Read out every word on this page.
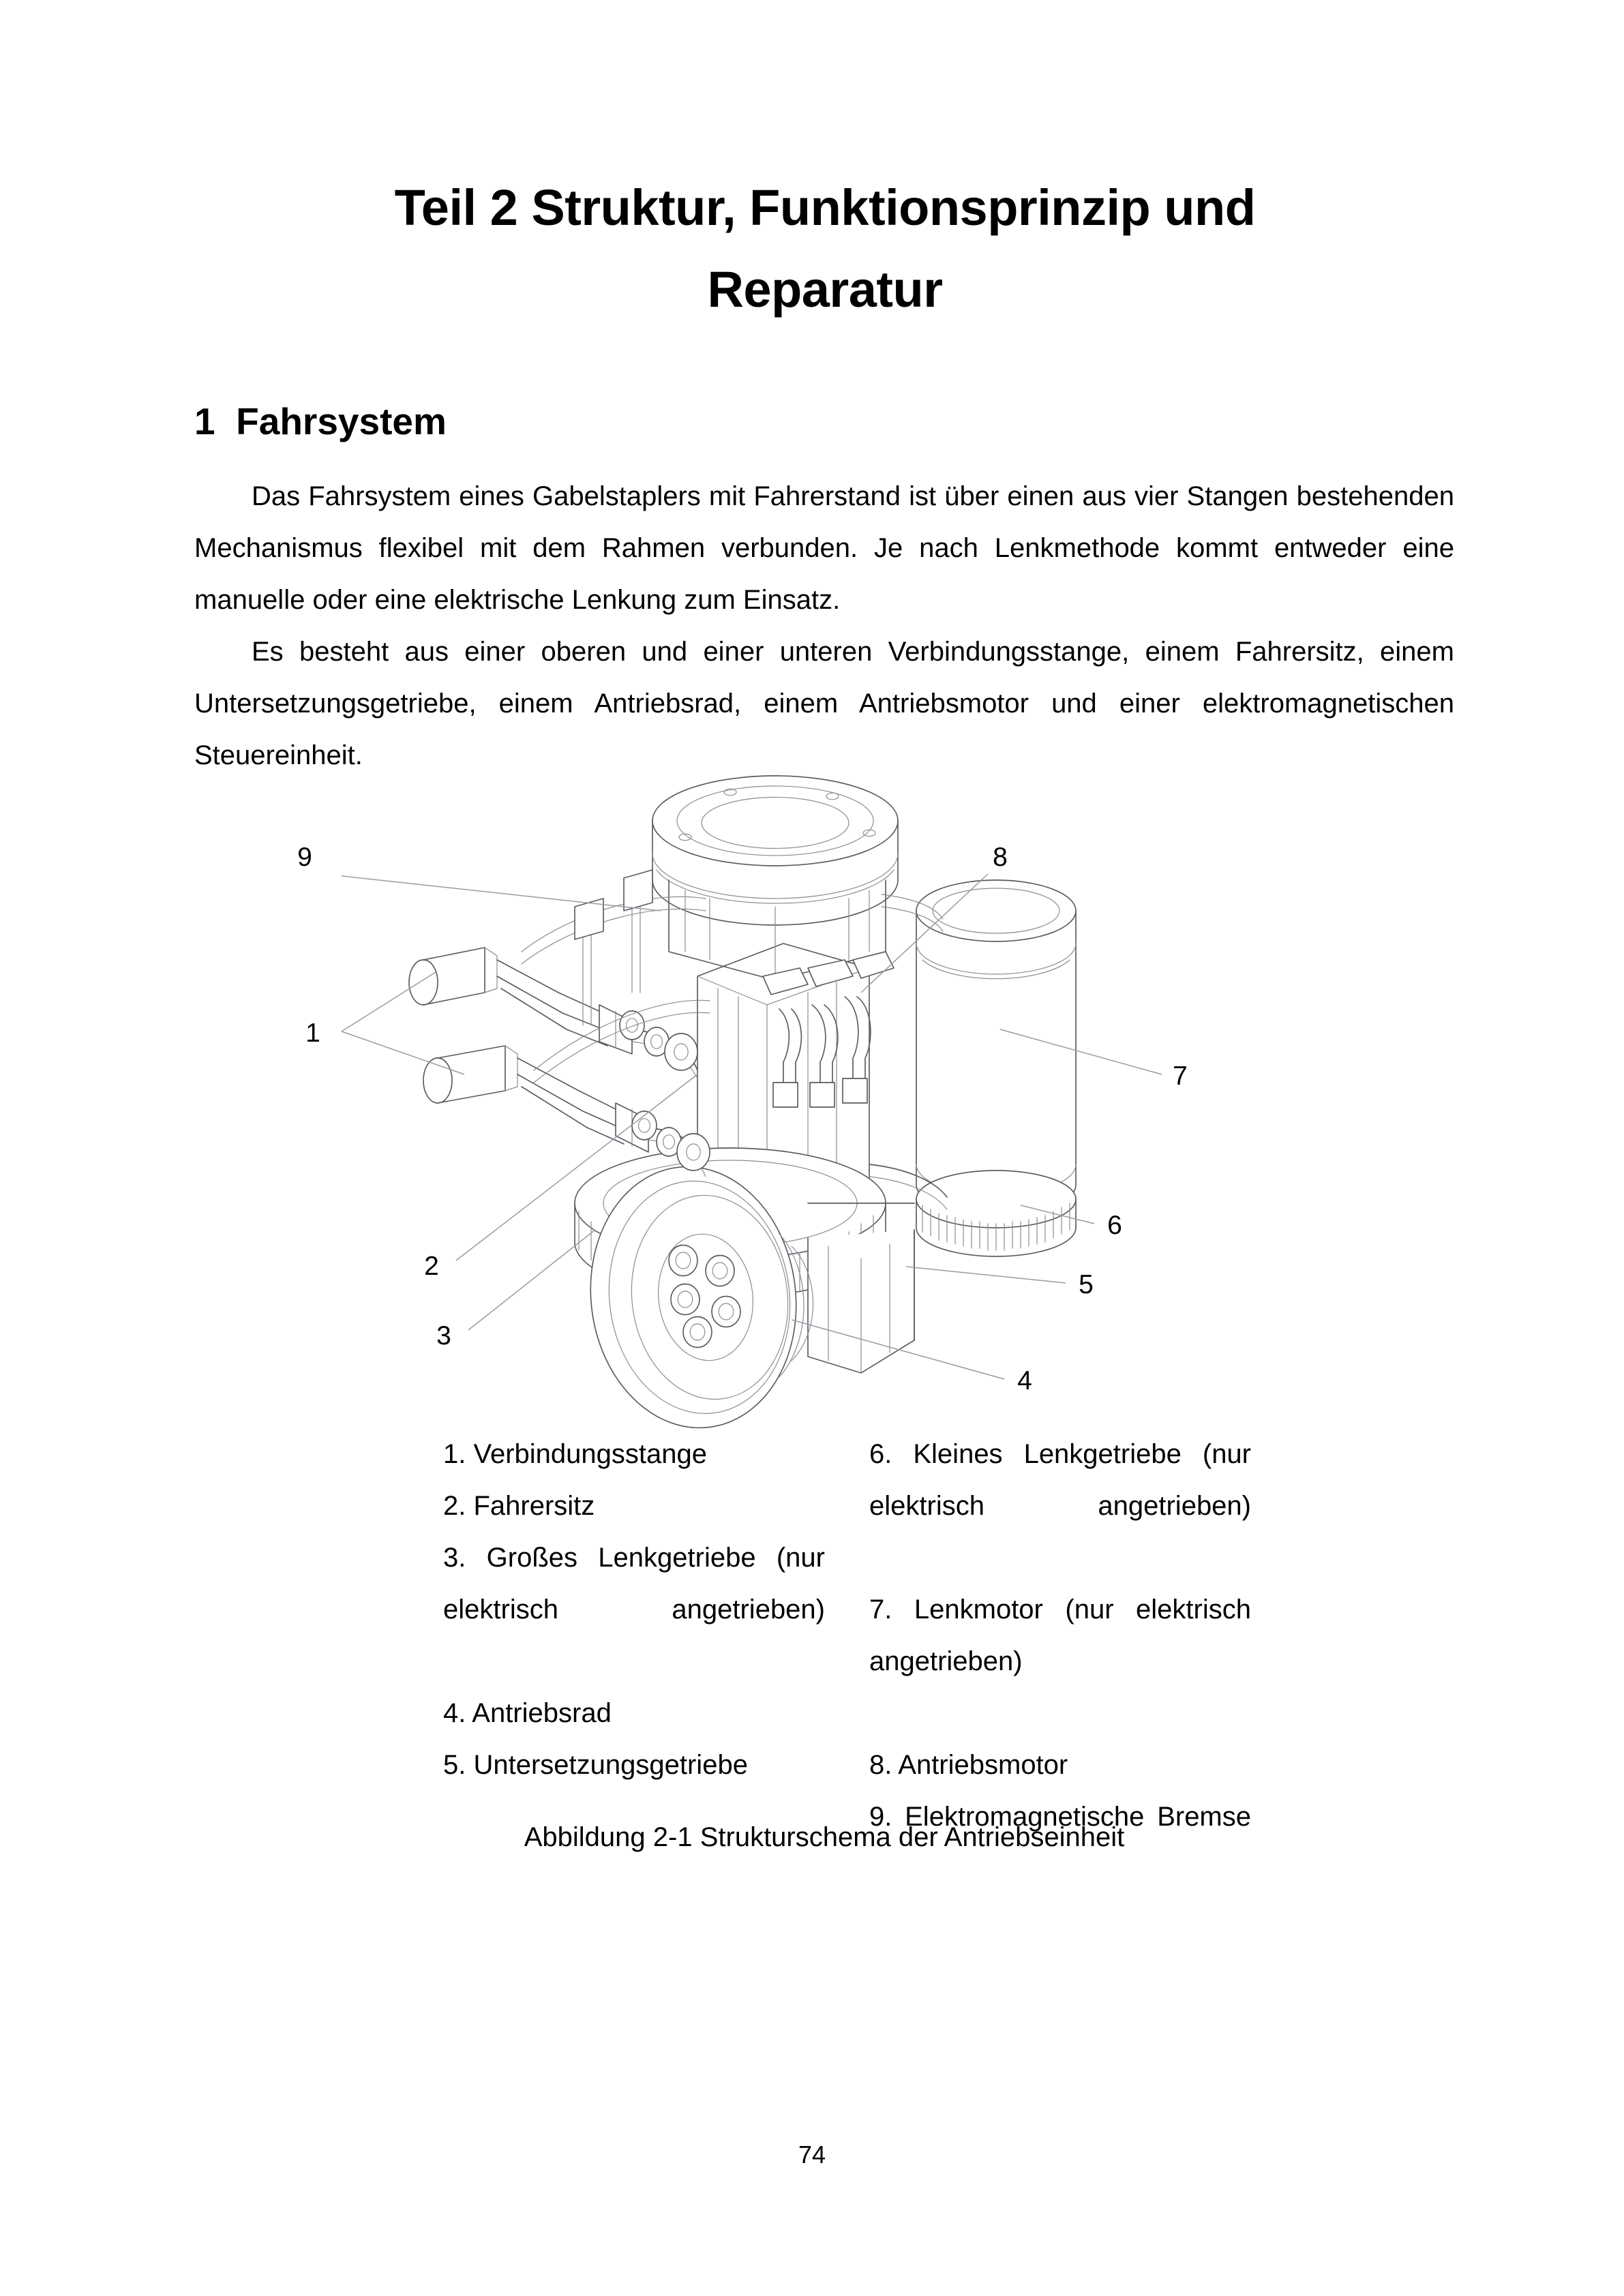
Teil 2 Struktur, Funktionsprinzip und
Reparatur
1  Fahrsystem

Das Fahrsystem eines Gabelstaplers mit Fahrerstand ist über einen aus vier Stangen bestehenden Mechanismus flexibel mit dem Rahmen verbunden. Je nach Lenkmethode kommt entweder eine manuelle oder eine elektrische Lenkung zum Einsatz.

Es besteht aus einer oberen und einer unteren Verbindungsstange, einem Fahrersitz, einem Untersetzungsgetriebe, einem Antriebsrad, einem Antriebsmotor und einer elektromagnetischen Steuereinheit.

9	8
1
2
3
7
6
5
4

1. Verbindungsstange

2. Fahrersitz

3. Großes Lenkgetriebe (nur elektrisch angetrieben)

4. Antriebsrad

5. Untersetzungsgetriebe

6. Kleines Lenkgetriebe (nur elektrisch angetrieben)

7. Lenkmotor (nur elektrisch angetrieben)

8. Antriebsmotor

9. Elektromagnetische Bremse

Abbildung 2-1 Strukturschema der Antriebseinheit
74
